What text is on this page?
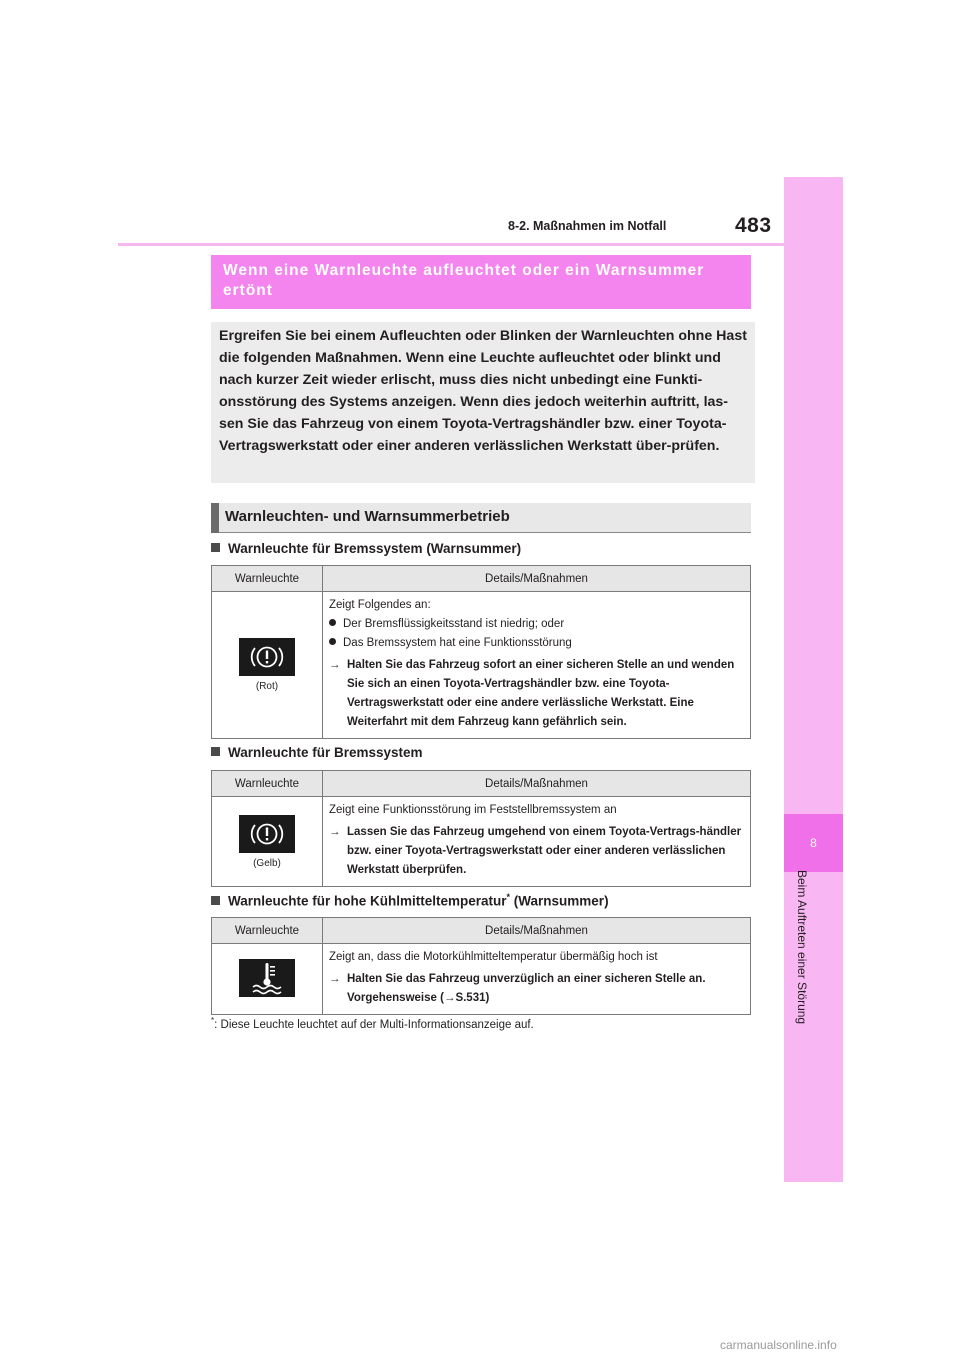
8-2. Maßnahmen im Notfall	483
8
Beim Auftreten einer Störung
Wenn eine Warnleuchte aufleuchtet oder ein Warnsummer ertönt
Ergreifen Sie bei einem Aufleuchten oder Blinken der Warnleuchten ohne Hast die folgenden Maßnahmen. Wenn eine Leuchte aufleuchtet oder blinkt und nach kurzer Zeit wieder erlischt, muss dies nicht unbedingt eine Funkti-onsstörung des Systems anzeigen. Wenn dies jedoch weiterhin auftritt, las-sen Sie das Fahrzeug von einem Toyota-Vertragshändler bzw. einer Toyota-Vertragswerkstatt oder einer anderen verlässlichen Werkstatt über-prüfen.
Warnleuchten- und Warnsummerbetrieb
Warnleuchte für Bremssystem (Warnsummer)
Warnleuchte	Details/Maßnahmen

(Rot)	Zeigt Folgendes an:
Der Bremsflüssigkeitsstand ist niedrig; oder
Das Bremssystem hat eine Funktionsstörung
→ Halten Sie das Fahrzeug sofort an einer sicheren Stelle an und wenden Sie sich an einen Toyota-Vertragshändler bzw. eine Toyota-Vertragswerkstatt oder eine andere verlässliche Werkstatt. Eine Weiterfahrt mit dem Fahrzeug kann gefährlich sein.
Warnleuchte für Bremssystem
Warnleuchte	Details/Maßnahmen

(Gelb)	Zeigt eine Funktionsstörung im Feststellbremssystem an
→ Lassen Sie das Fahrzeug umgehend von einem Toyota-Vertrags-händler bzw. einer Toyota-Vertragswerkstatt oder einer anderen verlässlichen Werkstatt überprüfen.
Warnleuchte für hohe Kühlmitteltemperatur* (Warnsummer)
Warnleuchte	Details/Maßnahmen

Zeigt an, dass die Motorkühlmitteltemperatur übermäßig hoch ist
→ Halten Sie das Fahrzeug unverzüglich an einer sicheren Stelle an. Vorgehensweise (→S.531)
*: Diese Leuchte leuchtet auf der Multi-Informationsanzeige auf.
carmanualsonline.info
